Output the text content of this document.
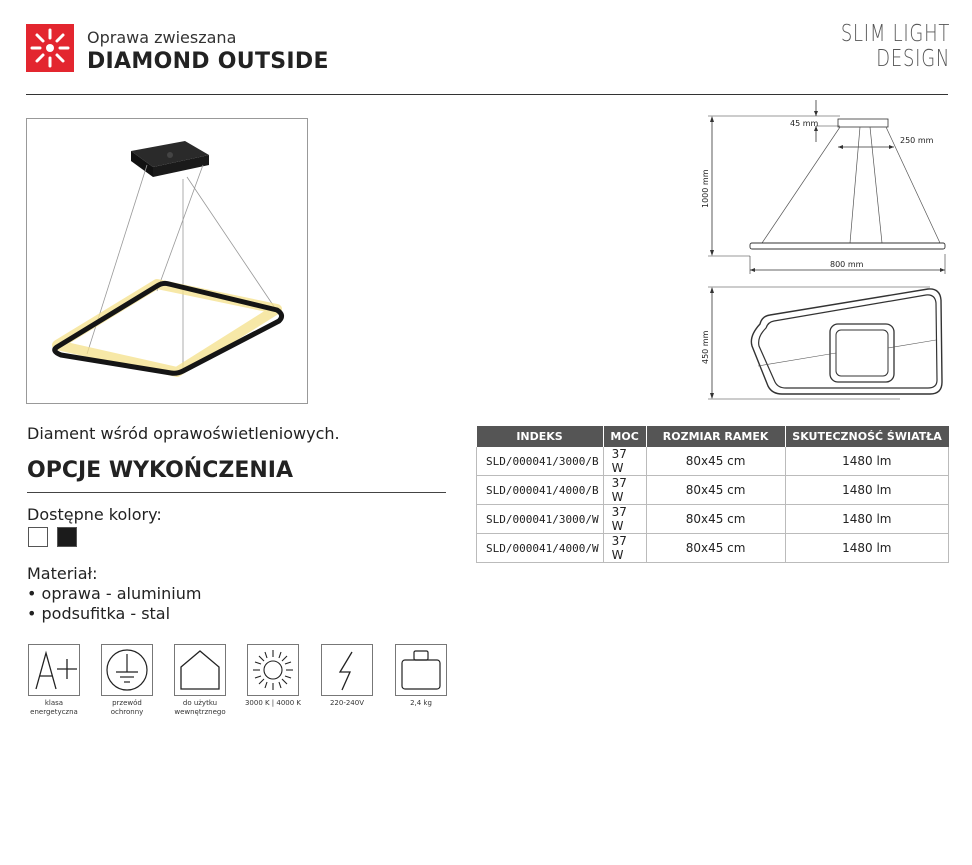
Oprawa zwieszana
DIAMOND OUTSIDE
SLIM LIGHT
DESIGN
1000 mm
45 mm
250 mm
800 mm
450 mm
Diament wśród oprawoświetleniowych.
OPCJE WYKOŃCZENIA
Dostępne kolory:
Materiał:
• oprawa - aluminium
• podsufitka - stal
klasa
energetyczna
przewód
ochronny
do użytku
wewnętrznego
3000 K | 4000 K	220-240V	2,4 kg
INDEKS	MOC	ROZMIAR RAMEK	SKUTECZNOŚĆ ŚWIATŁA
SLD/000041/3000/B	37 W	80x45 cm	1480 lm
SLD/000041/4000/B	37 W	80x45 cm	1480 lm
SLD/000041/3000/W	37 W	80x45 cm	1480 lm
SLD/000041/4000/W	37 W	80x45 cm	1480 lm
